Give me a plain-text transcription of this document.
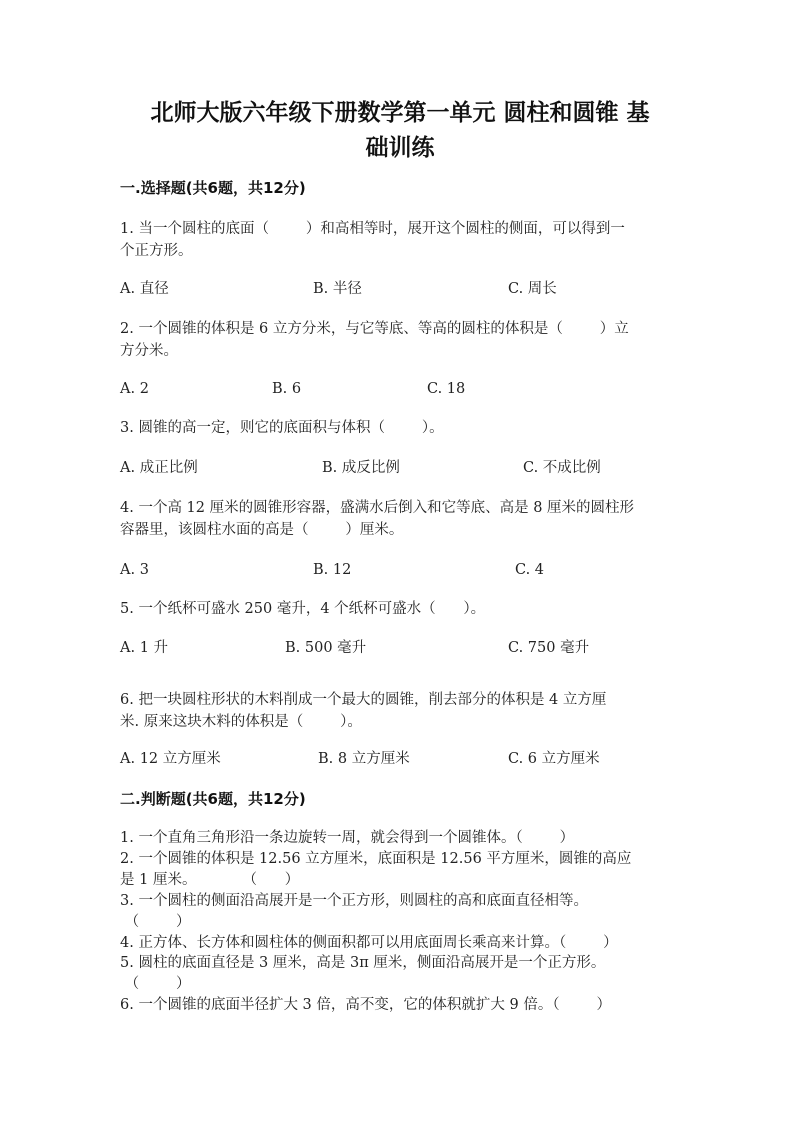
北师大版六年级下册数学第一单元 圆柱和圆锥 基
础训练
一.选择题(共6题，共12分)
二.判断题(共6题，共12分)
1. 当一个圆柱的底面（        ）和高相等时，展开这个圆柱的侧面，可以得到一
个正方形。
A. 直径	B. 半径	C. 周长
2. 一个圆锥的体积是 6 立方分米，与它等底、等高的圆柱的体积是（        ）立
方分米。
A. 2	B. 6	C. 18
3. 圆锥的高一定，则它的底面积与体积（        ）。
A. 成正比例	B. 成反比例	C. 不成比例
4. 一个高 12 厘米的圆锥形容器，盛满水后倒入和它等底、高是 8 厘米的圆柱形
容器里，该圆柱水面的高是（        ）厘米。
A. 3	B. 12	C. 4
5. 一个纸杯可盛水 250 毫升，4 个纸杯可盛水（      ）。
A. 1 升	B. 500 毫升	C. 750 毫升
6. 把一块圆柱形状的木料削成一个最大的圆锥，削去部分的体积是 4 立方厘
米. 原来这块木料的体积是（        ）。
A. 12 立方厘米	B. 8 立方厘米	C. 6 立方厘米
1. 一个直角三角形沿一条边旋转一周，就会得到一个圆锥体。（        ）
2. 一个圆锥的体积是 12.56 立方厘米，底面积是 12.56 平方厘米，圆锥的高应
是 1 厘米。          （      ）
3. 一个圆柱的侧面沿高展开是一个正方形，则圆柱的高和底面直径相等。
（        ）
4. 正方体、长方体和圆柱体的侧面积都可以用底面周长乘高来计算。（        ）
5. 圆柱的底面直径是 3 厘米，高是 3π 厘米，侧面沿高展开是一个正方形。
（        ）
6. 一个圆锥的底面半径扩大 3 倍，高不变，它的体积就扩大 9 倍。（        ）
